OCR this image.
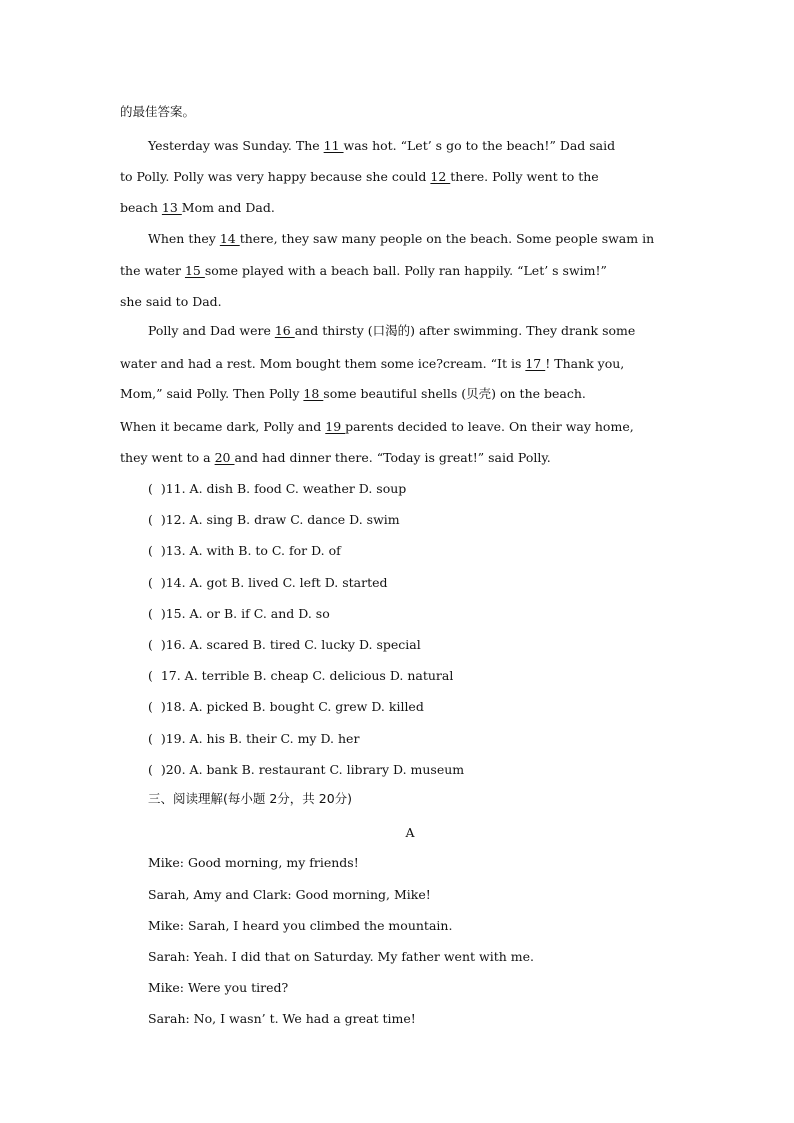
的最佳答案。
Yesterday was Sunday. The 11 was hot. “Let’ s go to the beach!” Dad said
to Polly. Polly was very happy because she could 12 there. Polly went to the
beach 13 Mom and Dad.
When they 14 there, they saw many people on the beach. Some people swam in
the water 15 some played with a beach ball. Polly ran happily. “Let’ s swim!”
she said to Dad.
Polly and Dad were 16 and thirsty (口渴的) after swimming. They drank some
water and had a rest. Mom bought them some ice?cream. “It is 17 ! Thank you,
Mom,” said Polly. Then Polly 18 some beautiful shells (贝壳) on the beach.
When it became dark, Polly and 19 parents decided to leave. On their way home,
they went to a 20 and had dinner there. “Today is great!” said Polly.
(  )11. A. dish B. food C. weather D. soup
(  )12. A. sing B. draw C. dance D. swim
(  )13. A. with B. to C. for D. of
(  )14. A. got B. lived C. left D. started
(  )15. A. or B. if C. and D. so
(  )16. A. scared B. tired C. lucky D. special
(  17. A. terrible B. cheap C. delicious D. natural
(  )18. A. picked B. bought C. grew D. killed
(  )19. A. his B. their C. my D. her
(  )20. A. bank B. restaurant C. library D. museum
三、阅读理解(每小题 2分，共 20分)
A
Mike: Good morning, my friends!
Sarah, Amy and Clark: Good morning, Mike!
Mike: Sarah, I heard you climbed the mountain.
Sarah: Yeah. I did that on Saturday. My father went with me.
Mike: Were you tired?
Sarah: No, I wasn’ t. We had a great time!
